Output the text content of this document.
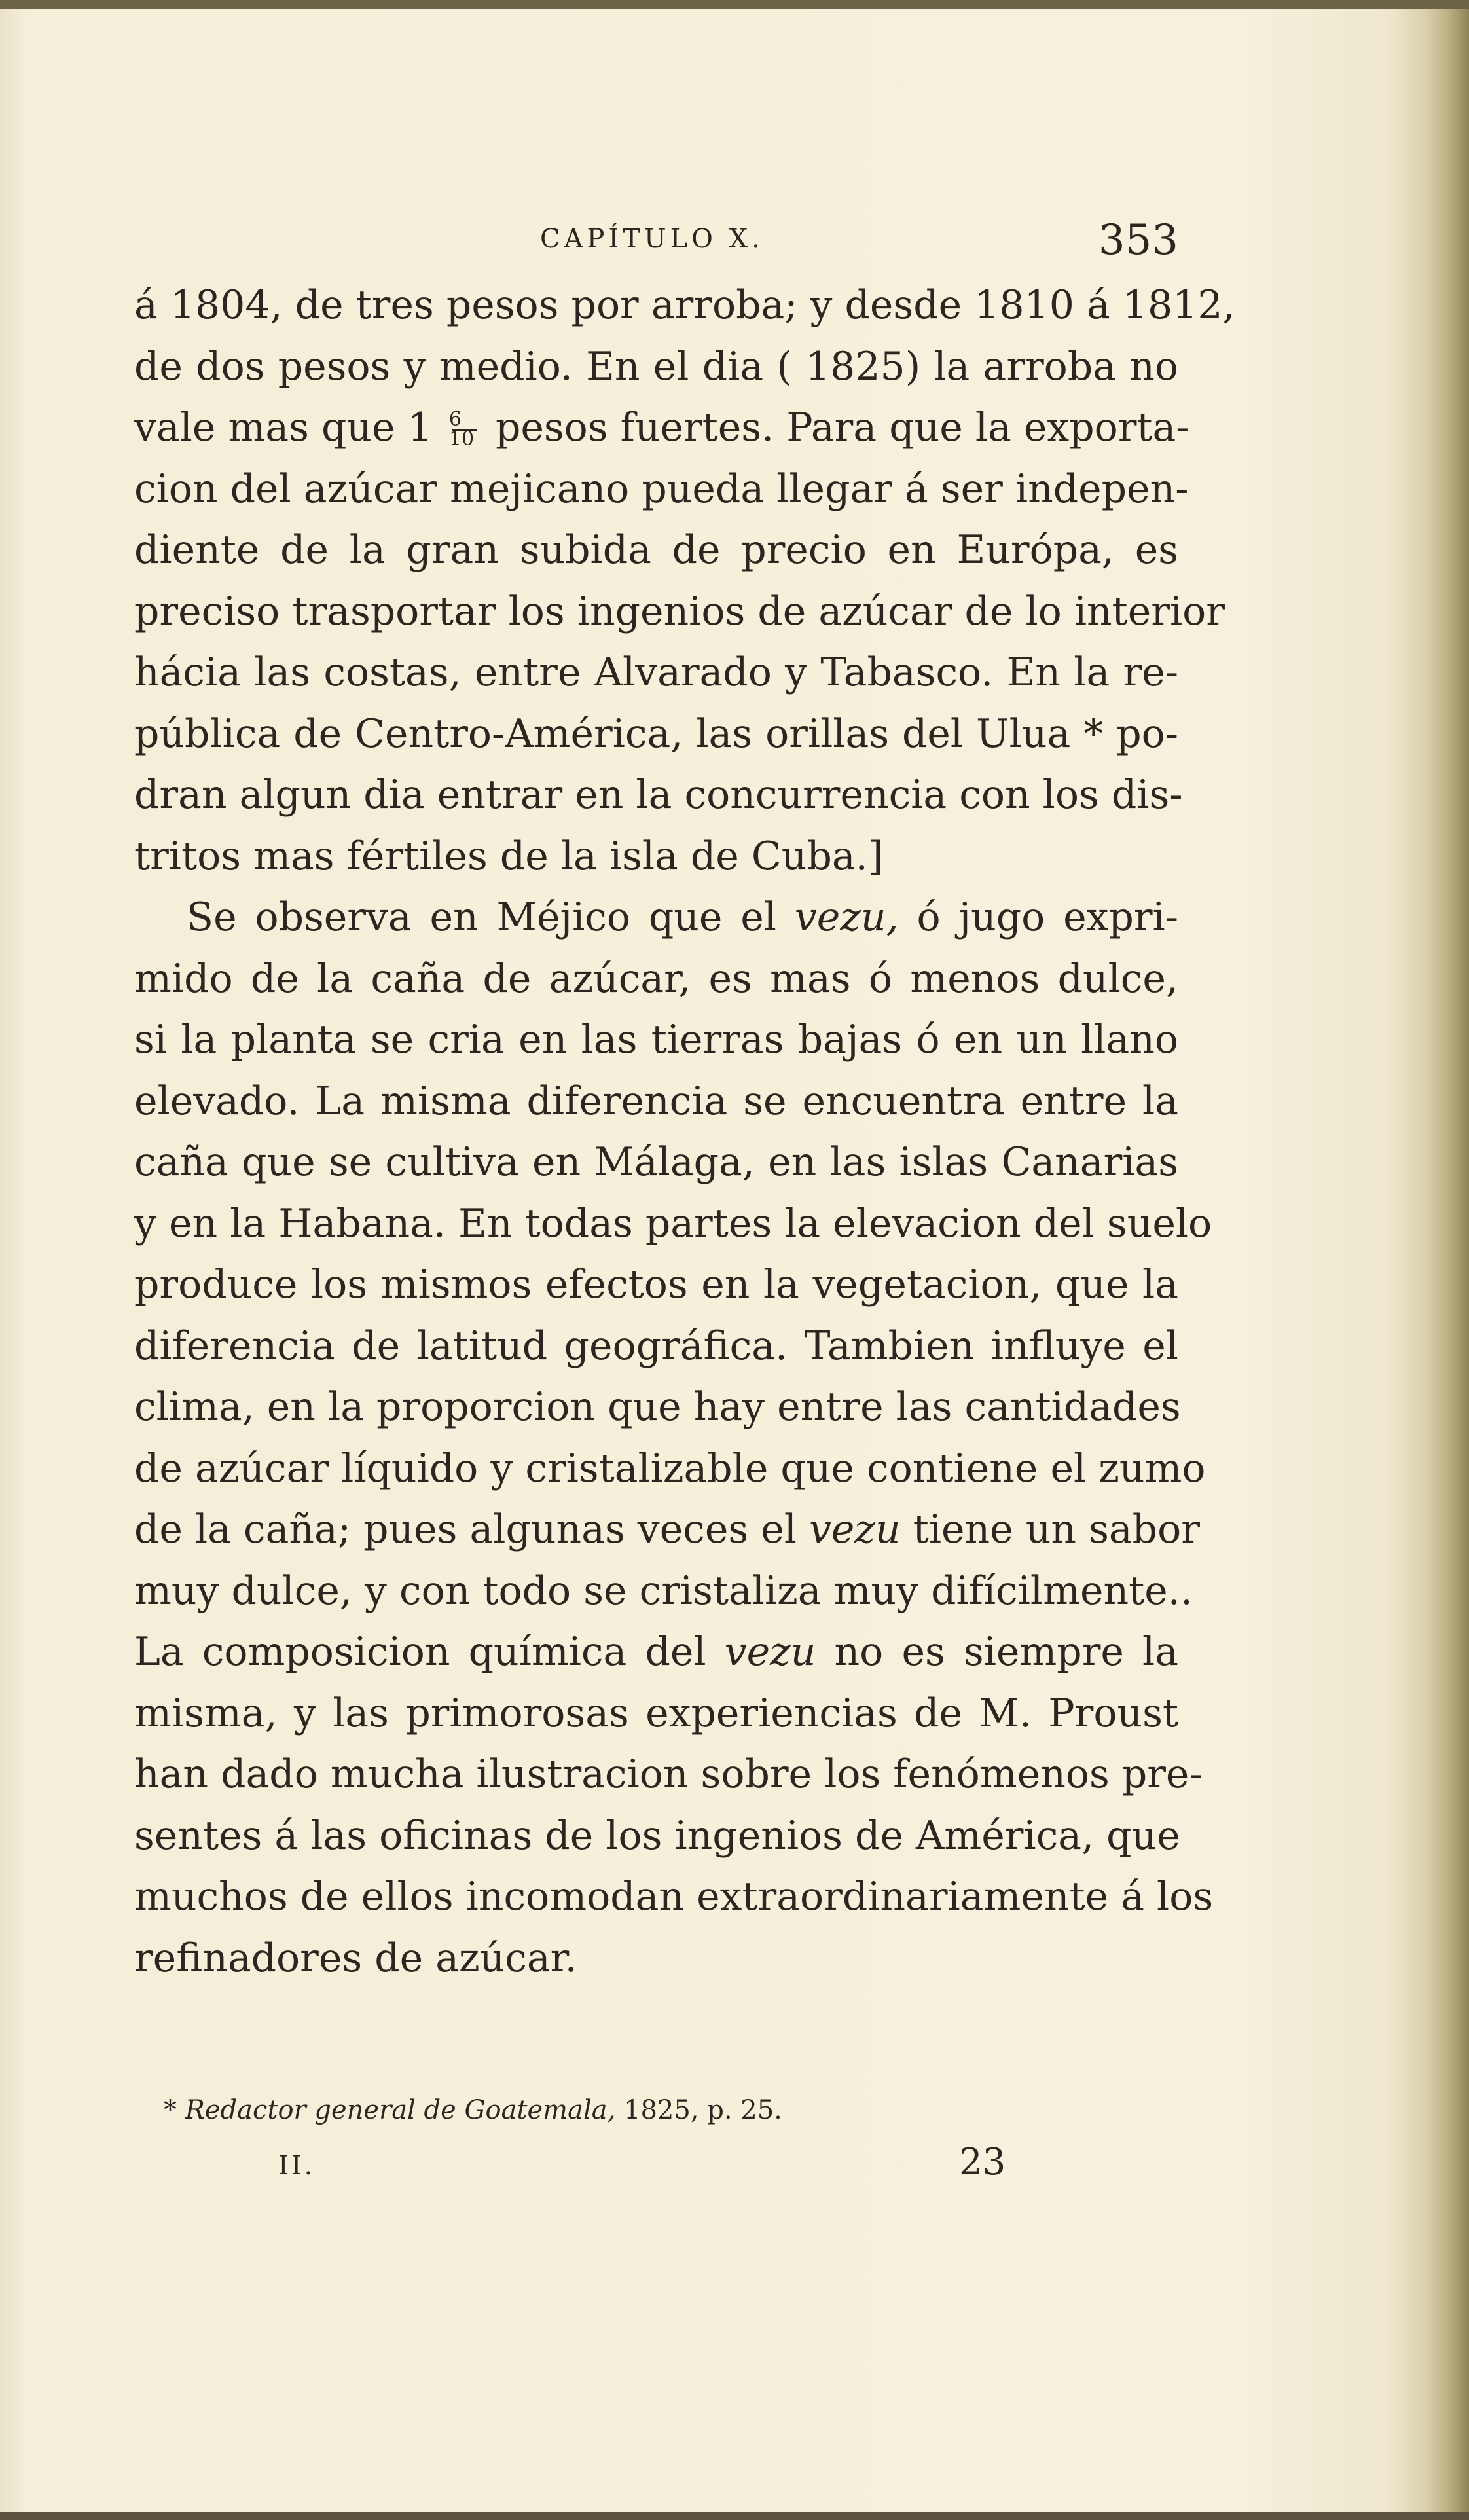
CAPÍTULO X.	353
á 1804, de tres pesos por arroba; y desde 1810 á 1812,
de dos pesos y medio. En el dia ( 1825) la arroba no
vale mas que $1 \frac{6}{10}$ pesos fuertes. Para que la exporta-
cion del azúcar mejicano pueda llegar á ser indepen-
diente de la gran subida de precio en Európa, es
preciso trasportar los ingenios de azúcar de lo interior
hácia las costas, entre Alvarado y Tabasco. En la re-
pública de Centro-América, las orillas del Ulua * po-
dran algun dia entrar en la concurrencia con los dis-
tritos mas fértiles de la isla de Cuba.]
Se observa en Méjico que el vezu, ó jugo expri-
mido de la caña de azúcar, es mas ó menos dulce,
si la planta se cria en las tierras bajas ó en un llano
elevado. La misma diferencia se encuentra entre la
caña que se cultiva en Málaga, en las islas Canarias
y en la Habana. En todas partes la elevacion del suelo
produce los mismos efectos en la vegetacion, que la
diferencia de latitud geográfica. Tambien influye el
clima, en la proporcion que hay entre las cantidades
de azúcar líquido y cristalizable que contiene el zumo
de la caña; pues algunas veces el vezu tiene un sabor
muy dulce, y con todo se cristaliza muy difícilmente..
La composicion química del vezu no es siempre la
misma, y las primorosas experiencias de M. Proust
han dado mucha ilustracion sobre los fenómenos pre-
sentes á las oficinas de los ingenios de América, que
muchos de ellos incomodan extraordinariamente á los
refinadores de azúcar.
* Redactor general de Goatemala, 1825, p. 25.
II.	23
